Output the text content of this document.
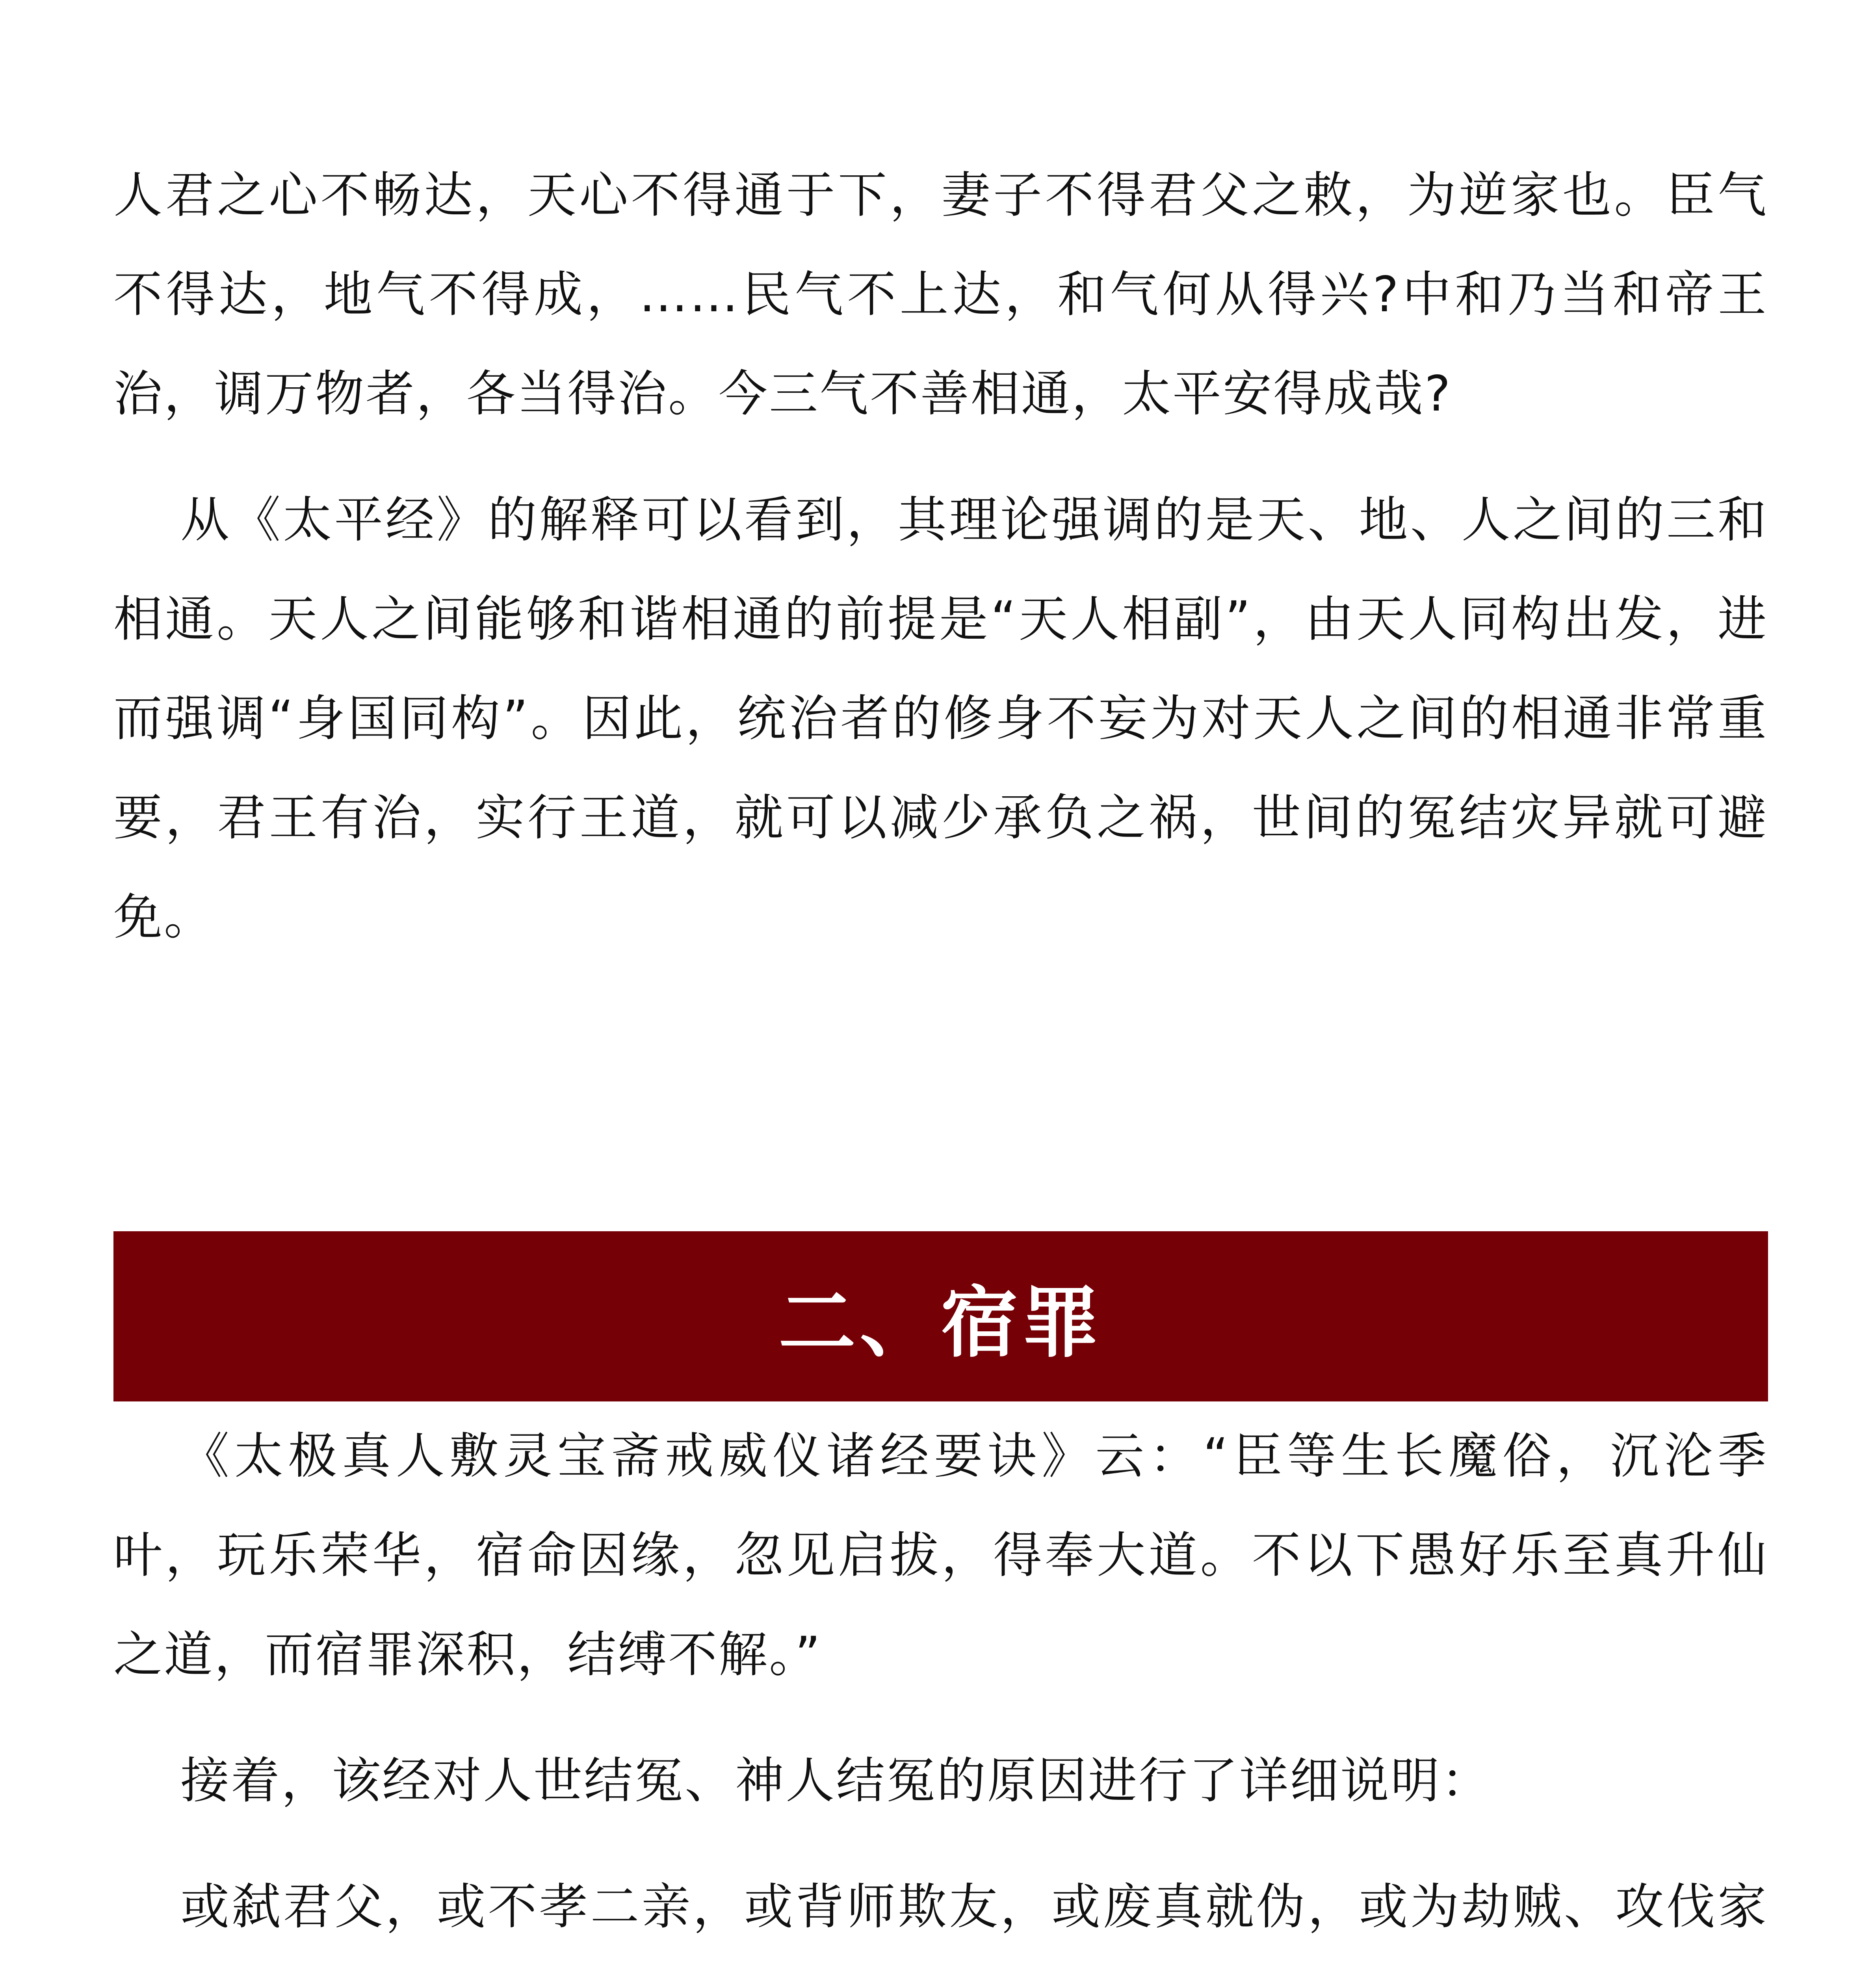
人君之心不畅达，天心不得通于下，妻子不得君父之敕，为逆家也。臣气不得达，地气不得成，……民气不上达，和气何从得兴?中和乃当和帝王治，调万物者，各当得治。今三气不善相通，太平安得成哉?

从《太平经》的解释可以看到，其理论强调的是天、地、人之间的三和相通。天人之间能够和谐相通的前提是“天人相副”，由天人同构出发，进而强调“身国同构”。因此，统治者的修身不妄为对天人之间的相通非常重要，君王有治，实行王道，就可以减少承负之祸，世间的冤结灾异就可避免。

二、宿罪

《太极真人敷灵宝斋戒威仪诸经要诀》云：“臣等生长魔俗，沉沦季叶，玩乐荣华，宿命因缘，忽见启拔，得奉大道。不以下愚好乐至真升仙之道，而宿罪深积，结缚不解。”

接着，该经对人世结冤、神人结冤的原因进行了详细说明：

或弑君父，或不孝二亲，或背师欺友，或废真就伪，或为劫贼、攻伐家
